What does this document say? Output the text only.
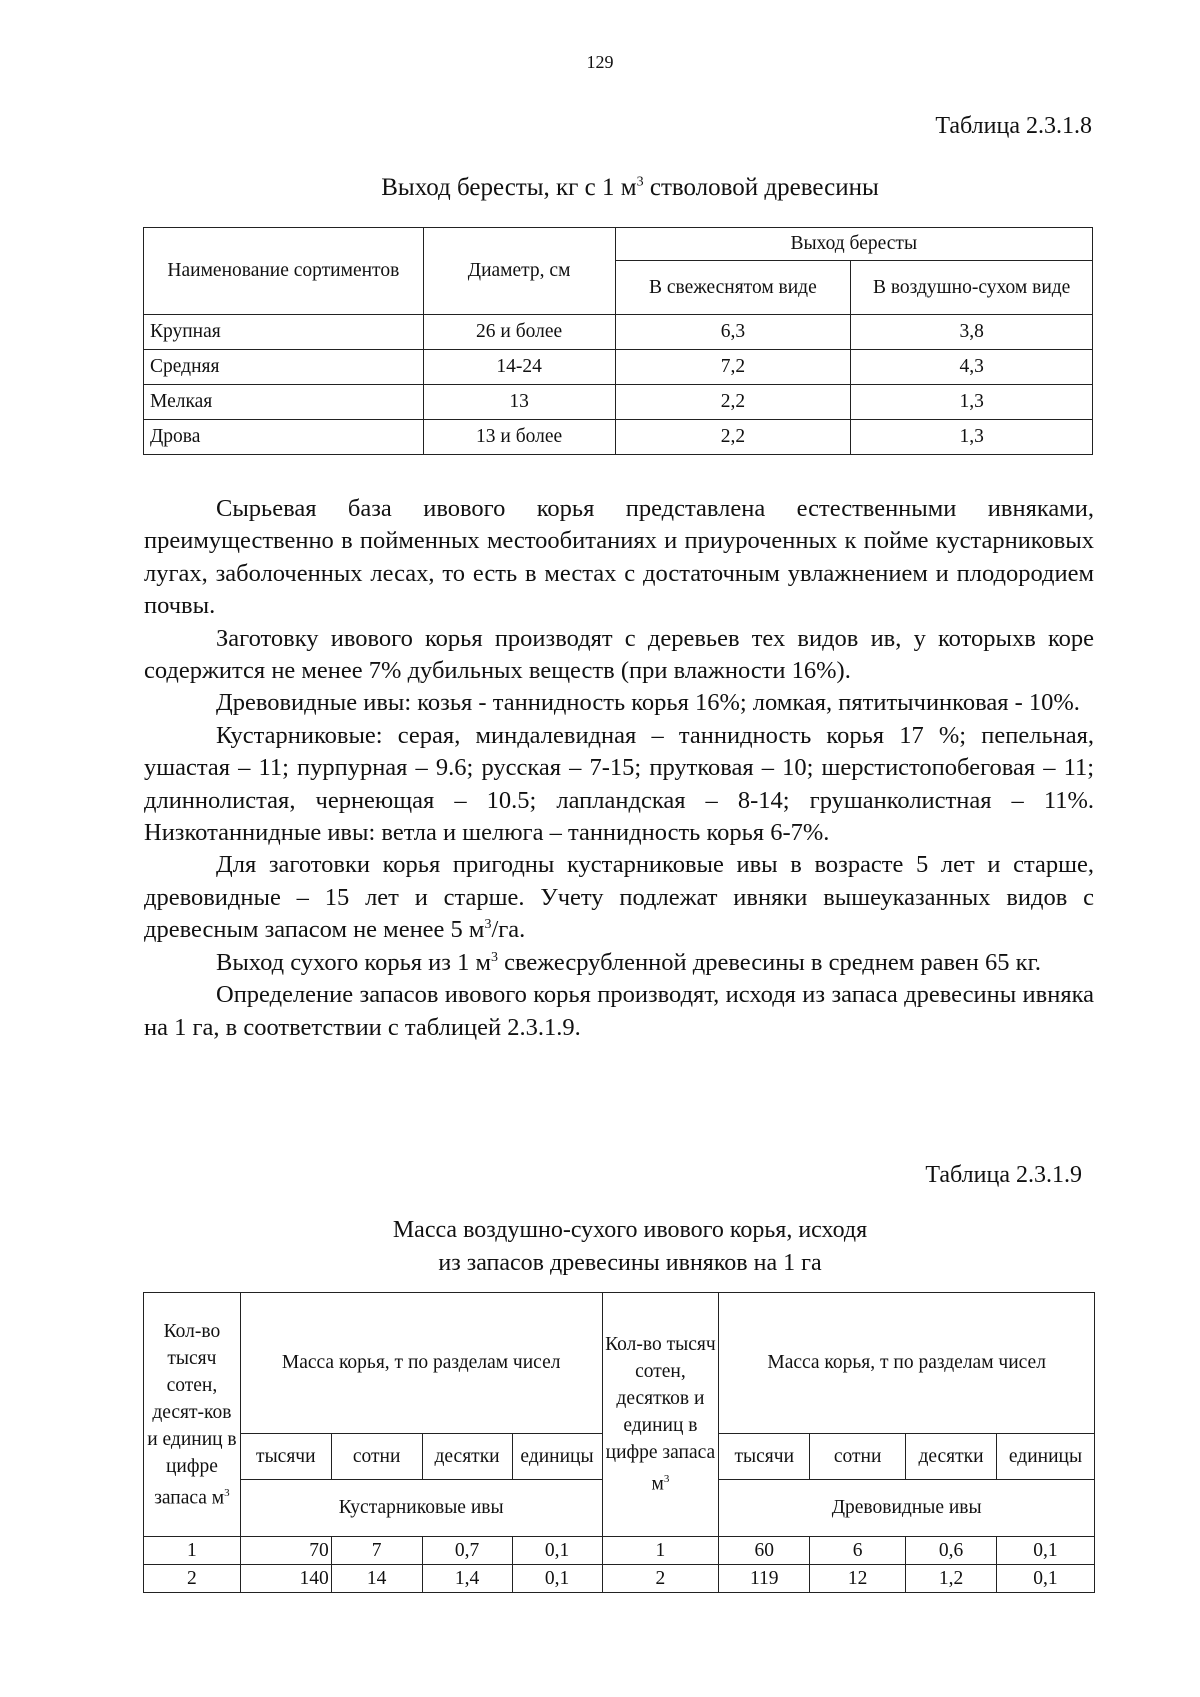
129
Таблица 2.3.1.8
Выход бересты, кг с 1 $м^3$ стволовой древесины
Наименование сортиментов	Диаметр, см	Выход бересты	
		В свежеснятом виде	В воздушно-сухом виде
Крупная	26 и более	6,3	3,8
Средняя	14-24	7,2	4,3
Мелкая	13	2,2	1,3
Дрова	13 и более	2,2	1,3

Сырьевая база ивового корья представлена естественными ивняками, преимущественно в пойменных местообитаниях и приуроченных к пойме кустарниковых лугах, заболоченных лесах, то есть в местах с достаточным увлажнением и плодородием почвы.

Заготовку ивового корья производят с деревьев тех видов ив, у которыхв коре содержится не менее 7% дубильных веществ (при влажности 16%).

Древовидные ивы: козья - таннидность корья 16%; ломкая, пятитычинковая - 10%.

Кустарниковые: серая, миндалевидная – таннидность корья 17 %; пепельная, ушастая – 11; пурпурная – 9.6; русская – 7-15; прутковая – 10; шерстистопобеговая – 11; длиннолистая, чернеющая – 10.5; лапландская – 8-14; грушанколистная – 11%. Низкотаннидные ивы: ветла и шелюга – таннидность корья 6-7%.

Для заготовки корья пригодны кустарниковые ивы в возрасте 5 лет и старше, древовидные – 15 лет и старше. Учету подлежат ивняки вышеуказанных видов с древесным запасом не менее 5 $м^3/га$.

Выход сухого корья из 1 $м^3$ свежесрубленной древесины в среднем равен 65 кг.

Определение запасов ивового корья производят, исходя из запаса древесины ивняка на 1 га, в соответствии с таблицей 2.3.1.9.

Таблица 2.3.1.9
Масса воздушно-сухого ивового корья, исходя
из запасов древесины ивняков на 1 га
Кол-во тысяч сотен, десят-ков и единиц в цифре запаса $м^3$	Масса корья, т по разделам чисел				Кол-во тысяч сотен, десятков и единиц в цифре запаса $м^3$	Масса корья, т по разделам чисел			
	тысячи	сотни	десятки	единицы		тысячи	сотни	десятки	единицы
	Кустарниковые ивы					Древовидные ивы			
1	70	7	0,7	0,1	1	60	6	0,6	0,1
2	140	14	1,4	0,1	2	119	12	1,2	0,1
